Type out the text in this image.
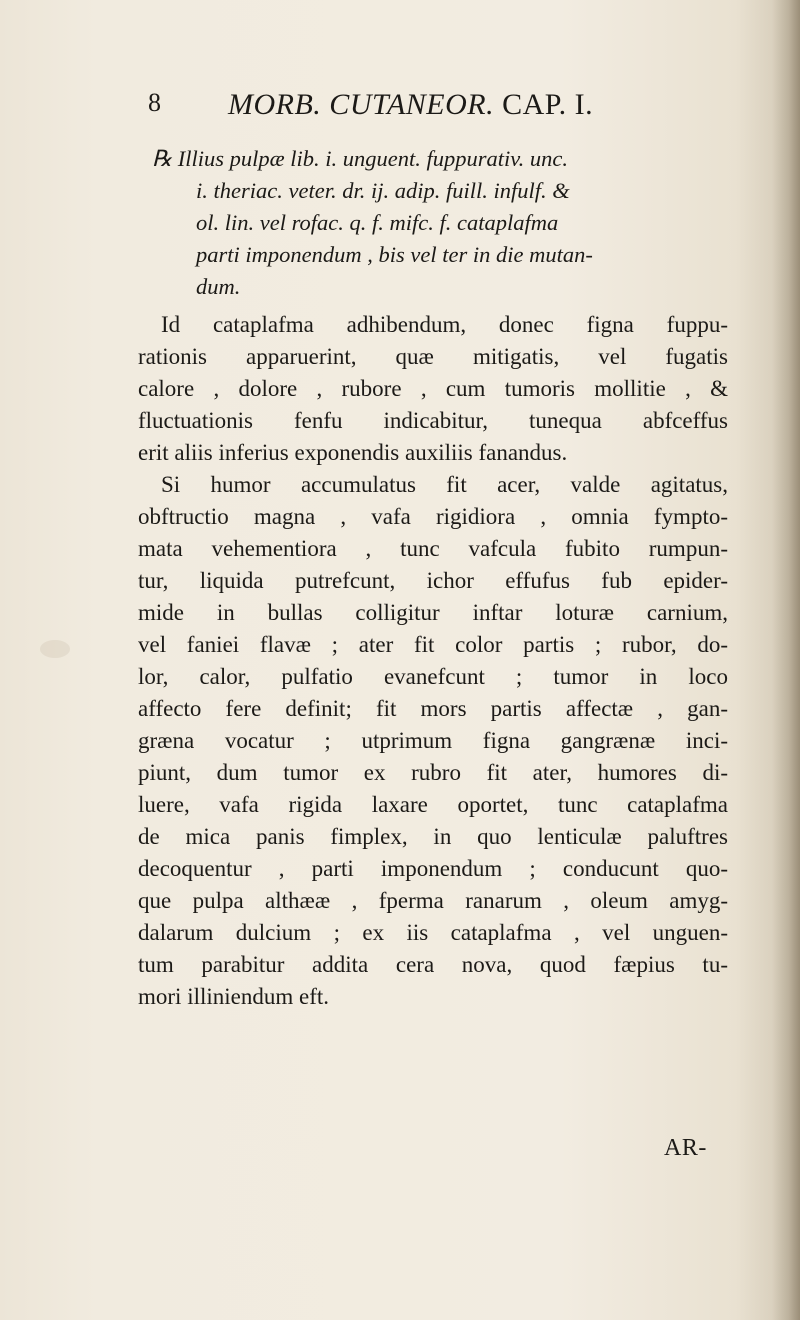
8 MORB. CUTANEOR. CAP. I.
℞ Illius pulpæ lib. i. unguent. fuppurativ. unc.
i. theriac. veter. dr. ij. adip. fuill. infulf. &
ol. lin. vel rofac. q. f. mifc. f. cataplafma
parti imponendum , bis vel ter in die mutan-
dum.
Id cataplafma adhibendum, donec figna fuppu-
rationis apparuerint, quæ mitigatis, vel fugatis
calore , dolore , rubore , cum tumoris mollitie , &
fluctuationis fenfu indicabitur, tunequa abfceffus
erit aliis inferius exponendis auxiliis fanandus.
Si humor accumulatus fit acer, valde agitatus,
obftructio magna , vafa rigidiora , omnia fympto-
mata vehementiora , tunc vafcula fubito rumpun-
tur, liquida putrefcunt, ichor effufus fub epider-
mide in bullas colligitur inftar loturæ carnium,
vel faniei flavæ ; ater fit color partis ; rubor, do-
lor, calor, pulfatio evanefcunt ; tumor in loco
affecto fere definit; fit mors partis affectæ , gan-
græna vocatur ; utprimum figna gangrænæ inci-
piunt, dum tumor ex rubro fit ater, humores di-
luere, vafa rigida laxare oportet, tunc cataplafma
de mica panis fimplex, in quo lenticulæ paluftres
decoquentur , parti imponendum ; conducunt quo-
que pulpa althææ , fperma ranarum , oleum amyg-
dalarum dulcium ; ex iis cataplafma , vel unguen-
tum parabitur addita cera nova, quod fæpius tu-
mori illiniendum eft.
AR-
